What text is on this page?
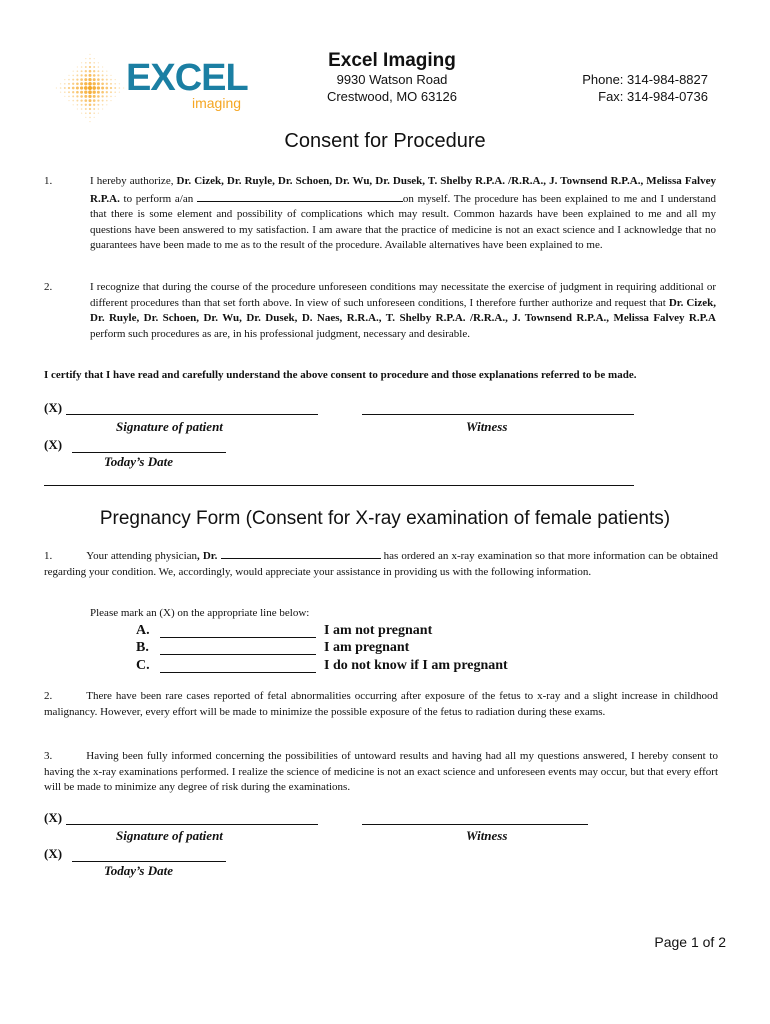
EXCEL
imaging
Excel Imaging
9930 Watson Road
Crestwood, MO 63126
Phone: 314-984-8827
Fax: 314-984-0736
Consent for Procedure
1.	I hereby authorize, Dr. Cizek, Dr. Ruyle, Dr. Schoen, Dr. Wu, Dr. Dusek, T. Shelby R.P.A. /R.R.A., J. Townsend R.P.A., Melissa Falvey R.P.A. to perform a/an	on myself. The procedure has been explained to me and I understand that there is some element and possibility of complications which may result. Common hazards have been explained to me and all my questions have been answered to my satisfaction. I am aware that the practice of medicine is not an exact science and I acknowledge that no guarantees have been made to me as to the result of the procedure. Available alternatives have been explained to me.
2.	I recognize that during the course of the procedure unforeseen conditions may necessitate the exercise of judgment in requiring additional or different procedures than that set forth above. In view of such unforeseen conditions, I therefore further authorize and request that Dr. Cizek, Dr. Ruyle, Dr. Schoen, Dr. Wu, Dr. Dusek, D. Naes, R.R.A., T. Shelby R.P.A. /R.R.A., J. Townsend R.P.A., Melissa Falvey R.P.A perform such procedures as are, in his professional judgment, necessary and desirable.
I certify that I have read and carefully understand the above consent to procedure and those explanations referred to be made.
(X)
Signature of patient	Witness
(X)
Today’s Date
Pregnancy Form (Consent for X-ray examination of female patients)
1.	Your attending physician, Dr.	has ordered an x-ray examination so that more information can be obtained regarding your condition. We, accordingly, would appreciate your assistance in providing us with the following information.
Please mark an (X) on the appropriate line below:
A.	I am not pregnant
B.	I am pregnant
C.	I do not know if I am pregnant
2.	There have been rare cases reported of fetal abnormalities occurring after exposure of the fetus to x-ray and a slight increase in childhood malignancy. However, every effort will be made to minimize the possible exposure of the fetus to radiation during these exams.
3.	Having been fully informed concerning the possibilities of untoward results and having had all my questions answered, I hereby consent to having the x-ray examinations performed. I realize the science of medicine is not an exact science and unforeseen events may occur, but that every effort will be made to minimize any degree of risk during the examinations.
(X)
Signature of patient	Witness
(X)
Today’s Date
Page 1 of 2
